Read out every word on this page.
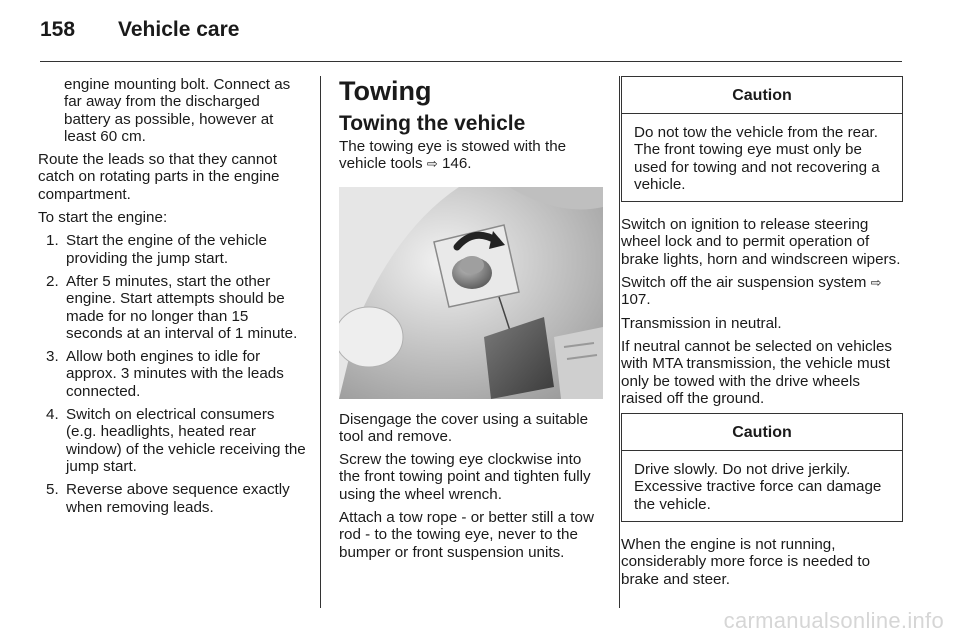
158 Vehicle care

engine mounting bolt. Connect as far away from the discharged battery as possible, however at least 60 cm.

Route the leads so that they cannot catch on rotating parts in the engine compartment.

To start the engine:

1. Start the engine of the vehicle providing the jump start.
2. After 5 minutes, start the other engine. Start attempts should be made for no longer than 15 seconds at an interval of 1 minute.
3. Allow both engines to idle for approx. 3 minutes with the leads connected.
4. Switch on electrical consumers (e.g. headlights, heated rear window) of the vehicle receiving the jump start.
5. Reverse above sequence exactly when removing leads.
Towing
Towing the vehicle

The towing eye is stowed with the vehicle tools ⇨ 146.

Disengage the cover using a suitable tool and remove.

Screw the towing eye clockwise into the front towing point and tighten fully using the wheel wrench.

Attach a tow rope - or better still a tow rod - to the towing eye, never to the bumper or front suspension units.

Caution
Do not tow the vehicle from the rear. The front towing eye must only be used for towing and not recovering a vehicle.

Switch on ignition to release steering wheel lock and to permit operation of brake lights, horn and windscreen wipers.

Switch off the air suspension system ⇨ 107.

Transmission in neutral.

If neutral cannot be selected on vehicles with MTA transmission, the vehicle must only be towed with the drive wheels raised off the ground.

Caution
Drive slowly. Do not drive jerkily. Excessive tractive force can damage the vehicle.

When the engine is not running, considerably more force is needed to brake and steer.

carmanualsonline.info
